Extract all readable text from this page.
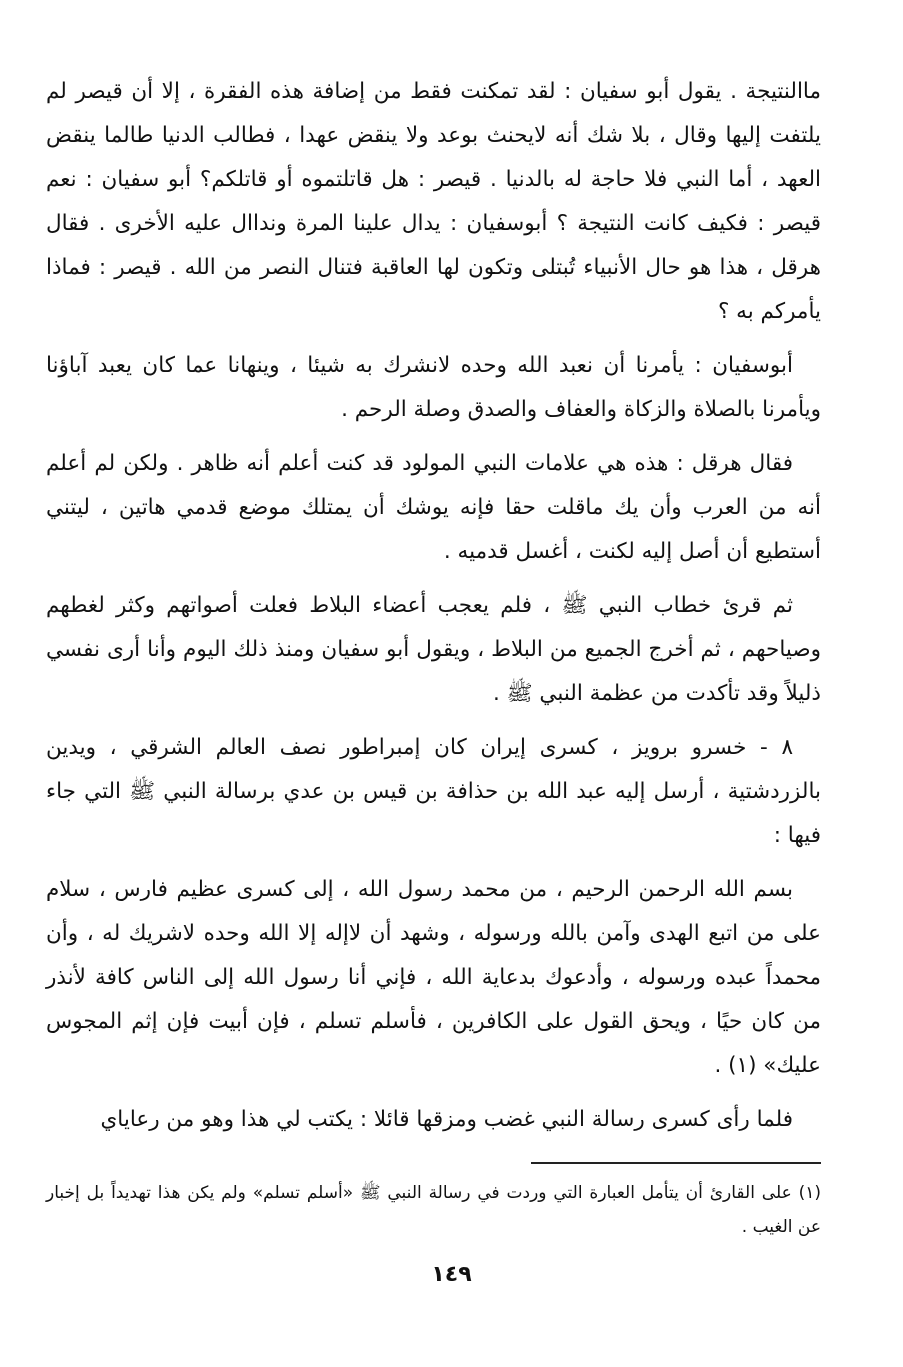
ماالنتيجة . يقول أبو سفيان : لقد تمكنت فقط من إضافة هذه الفقرة ، إلا أن قيصر لم يلتفت إليها وقال ، بلا شك أنه لايحنث بوعد ولا ينقض عهدا ، فطالب الدنيا طالما ينقض العهد ، أما النبي فلا حاجة له بالدنيا . قيصر : هل قاتلتموه أو قاتلكم؟ أبو سفيان : نعم قيصر : فكيف كانت النتيجة ؟ أبوسفيان : يدال علينا المرة ونداال عليه الأخرى . فقال هرقل ، هذا هو حال الأنبياء تُبتلى وتكون لها العاقبة فتنال النصر من الله . قيصر : فماذا يأمركم به ؟

أبوسفيان : يأمرنا أن نعبد الله وحده لانشرك به شيئا ، وينهانا عما كان يعبد آباؤنا ويأمرنا بالصلاة والزكاة والعفاف والصدق وصلة الرحم .

فقال هرقل : هذه هي علامات النبي المولود قد كنت أعلم أنه ظاهر . ولكن لم أعلم أنه من العرب وأن يك ماقلت حقا فإنه يوشك أن يمتلك موضع قدمي هاتين ، ليتني أستطيع أن أصل إليه لكنت ، أغسل قدميه .

ثم قرئ خطاب النبي ﷺ ، فلم يعجب أعضاء البلاط فعلت أصواتهم وكثر لغطهم وصياحهم ، ثم أخرج الجميع من البلاط ، ويقول أبو سفيان ومنذ ذلك اليوم وأنا أرى نفسي ذليلاً وقد تأكدت من عظمة النبي ﷺ .

٨ - خسرو برويز ، كسرى إيران كان إمبراطور نصف العالم الشرقي ، ويدين بالزردشتية ، أرسل إليه عبد الله بن حذافة بن قيس بن عدي برسالة النبي ﷺ التي جاء فيها :

بسم الله الرحمن الرحيم ، من محمد رسول الله ، إلى كسرى عظيم فارس ، سلام على من اتبع الهدى وآمن بالله ورسوله ، وشهد أن لاإله إلا الله وحده لاشريك له ، وأن محمداً عبده ورسوله ، وأدعوك بدعاية الله ، فإني أنا رسول الله إلى الناس كافة لأنذر من كان حيًا ، ويحق القول على الكافرين ، فأسلم تسلم ، فإن أبيت فإن إثم المجوس عليك» (١) .

فلما رأى كسرى رسالة النبي غضب ومزقها قائلا : يكتب لي هذا وهو من رعاياي

(١) على القارئ أن يتأمل العبارة التي وردت في رسالة النبي ﷺ «أسلم تسلم» ولم يكن هذا تهديداً بل إخبار عن الغيب .
١٤٩
